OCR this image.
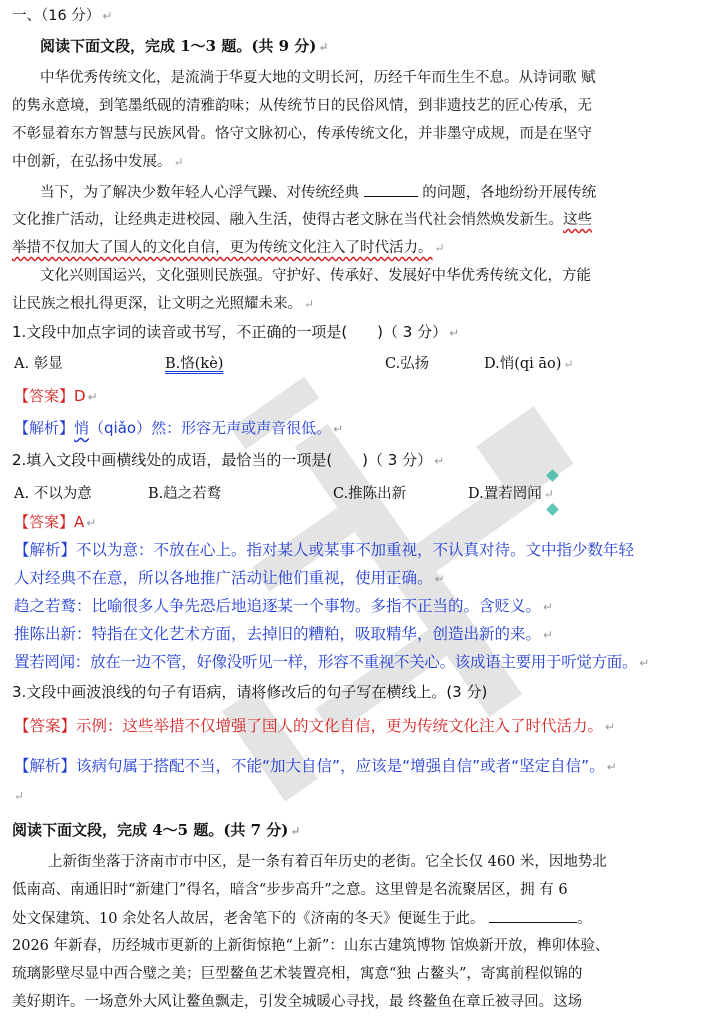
一、（16 分） ↵
阅读下面文段，完成 1～3 题。(共 9 分) ↵
中华优秀传统文化，是流淌于华夏大地的文明长河，历经千年而生生不息。从诗词歌 赋
的隽永意境，到笔墨纸砚的清雅韵味；从传统节日的民俗风情，到非遗技艺的匠心传承，无
不彰显着东方智慧与民族风骨。恪守文脉初心，传承传统文化，并非墨守成规，而是在坚守
中创新，在弘扬中发展。 ↵
当下，为了解决少数年轻人心浮气躁、对传统经典	的问题，各地纷纷开展传统
文化推广活动，让经典走进校园、融入生活，使得古老文脉在当代社会悄然焕发新生。这些
举措不仅加大了国人的文化自信，更为传统文化注入了时代活力。 ↵
文化兴则国运兴，文化强则民族强。守护好、传承好、发展好中华优秀传统文化，方能
让民族之根扎得更深，让文明之光照耀未来。 ↵
1.文段中加点字词的读音或书写，不正确的一项是(　　)（ 3 分） ↵
A. 彰显	B.恪(kè)	C.弘扬	D.悄(qi āo) ↵
【答案】D ↵
【解析】悄（qiǎo）然：形容无声或声音很低。 ↵
2.填入文段中画横线处的成语，最恰当的一项是(　　)（ 3 分） ↵
A. 不以为意	B.趋之若鹜	C.推陈出新	D.置若罔闻 ↵
【答案】A ↵
【解析】不以为意：不放在心上。指对某人或某事不加重视，不认真对待。文中指少数年轻
人对经典不在意，所以各地推广活动让他们重视，使用正确。 ↵
趋之若鹜：比喻很多人争先恐后地追逐某一个事物。多指不正当的。含贬义。 ↵
推陈出新：特指在文化艺术方面，去掉旧的糟粕，吸取精华，创造出新的来。 ↵
置若罔闻：放在一边不管，好像没听见一样，形容不重视不关心。该成语主要用于听觉方面。 ↵
3.文段中画波浪线的句子有语病，请将修改后的句子写在横线上。(3 分)
【答案】示例：这些举措不仅增强了国人的文化自信，更为传统文化注入了时代活力。 ↵
【解析】该病句属于搭配不当，不能“加大自信”，应该是“增强自信”或者“坚定自信”。 ↵
↵
阅读下面文段，完成 4～5 题。(共 7 分) ↵
上新街坐落于济南市市中区，是一条有着百年历史的老街。它全长仅 460 米，因地势北
低南高、南通旧时“新建门”得名，暗含“步步高升”之意。这里曾是名流聚居区，拥 有 6
处文保建筑、10 余处名人故居，老舍笔下的《济南的冬天》便诞生于此。	。
2026 年新春，历经城市更新的上新街惊艳“上新”：山东古建筑博物 馆焕新开放，榫卯体验、
琉璃影壁尽显中西合璧之美；巨型鳌鱼艺术装置亮相，寓意“独 占鳌头”，寄寓前程似锦的
美好期许。一场意外大风让鳌鱼飘走，引发全城暖心寻找，最 终鳌鱼在章丘被寻回。这场
